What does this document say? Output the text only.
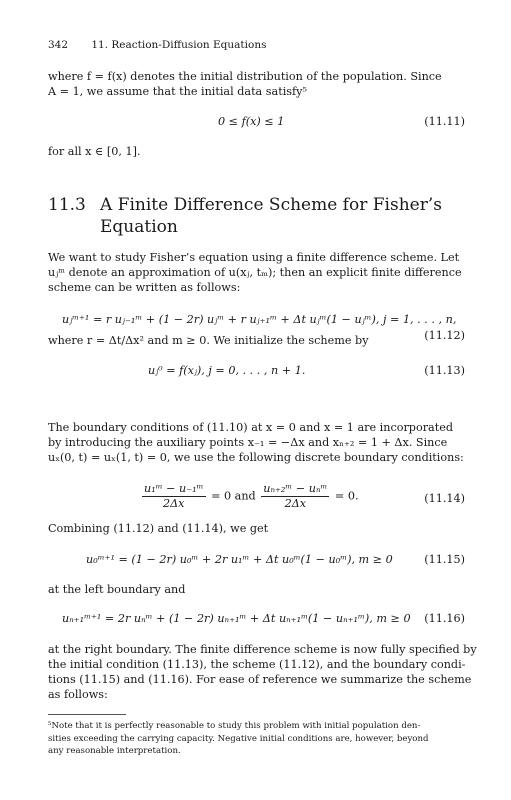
342 11. Reaction-Diffusion Equations
where f = f(x) denotes the initial distribution of the population. Since
A = 1, we assume that the initial data satisfy⁵
0 ≤ f(x) ≤ 1	(11.11)
for all x ∈ [0, 1].
11.3 A Finite Difference Scheme for Fisher’s
Equation
We want to study Fisher’s equation using a finite difference scheme. Let
uⱼᵐ denote an approximation of u(xⱼ, tₘ); then an explicit finite difference
scheme can be written as follows:
uⱼᵐ⁺¹ = r uⱼ₋₁ᵐ + (1 − 2r) uⱼᵐ + r uⱼ₊₁ᵐ + Δt uⱼᵐ(1 − uⱼᵐ), j = 1, . . . , n,
(11.12)
where r = Δt/Δx² and m ≥ 0. We initialize the scheme by
uⱼ⁰ = f(xⱼ), j = 0, . . . , n + 1.	(11.13)
The boundary conditions of (11.10) at x = 0 and x = 1 are incorporated
by introducing the auxiliary points x₋₁ = −Δx and xₙ₊₂ = 1 + Δx. Since
uₓ(0, t) = uₓ(1, t) = 0, we use the following discrete boundary conditions:
$\frac{\text{u₁ᵐ − u₋₁ᵐ}}{2\Delta x} = 0$ and $\frac{\text{uₙ₊₂ᵐ − uₙᵐ}}{2\Delta x} = 0$.	(11.14)
Combining (11.12) and (11.14), we get
u₀ᵐ⁺¹ = (1 − 2r) u₀ᵐ + 2r u₁ᵐ + Δt u₀ᵐ(1 − u₀ᵐ), m ≥ 0	(11.15)
at the left boundary and
uₙ₊₁ᵐ⁺¹ = 2r uₙᵐ + (1 − 2r) uₙ₊₁ᵐ + Δt uₙ₊₁ᵐ(1 − uₙ₊₁ᵐ), m ≥ 0 (11.16)
at the right boundary. The finite difference scheme is now fully specified by
the initial condition (11.13), the scheme (11.12), and the boundary condi-
tions (11.15) and (11.16). For ease of reference we summarize the scheme
as follows:
⁵Note that it is perfectly reasonable to study this problem with initial population den-
sities exceeding the carrying capacity. Negative initial conditions are, however, beyond
any reasonable interpretation.
